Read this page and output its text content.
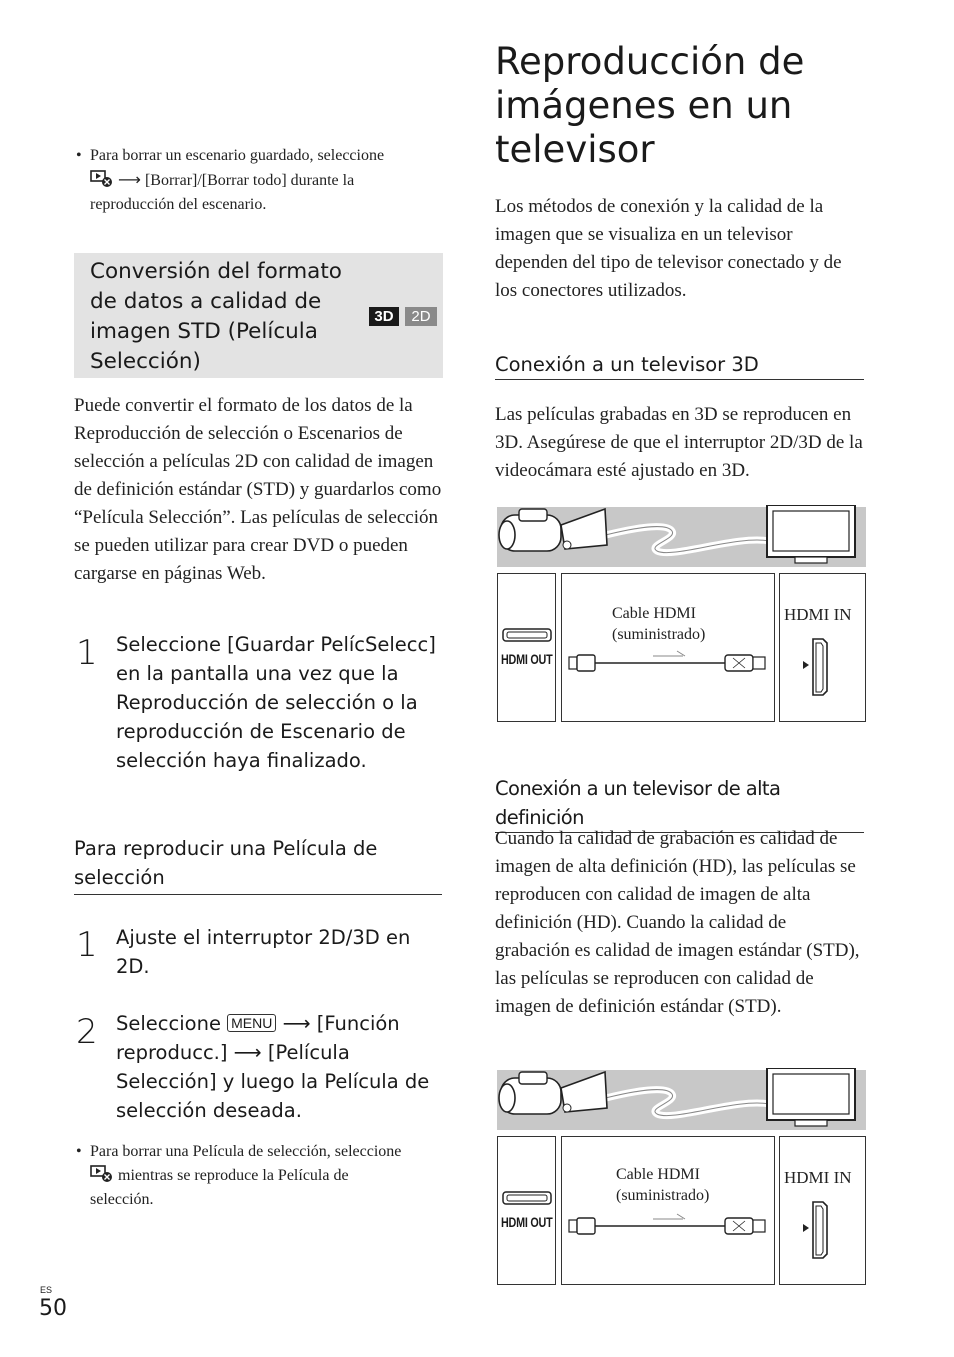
• Para borrar un escenario guardado, seleccione
⟶ [Borrar]/[Borrar todo] durante la
reproducción del escenario.
Conversión del formato de datos a calidad de imagen STD (Película Selección)
3D	2D
Puede convertir el formato de los datos de la Reproducción de selección o Escenarios de selección a películas 2D con calidad de imagen de definición estándar (STD) y guardarlos como “Película Selección”. Las películas de selección se pueden utilizar para crear DVD o pueden cargarse en páginas Web.
1 Seleccione [Guardar PelícSelecc] en la pantalla una vez que la Reproducción de selección o la reproducción de Escenario de selección haya finalizado.
Para reproducir una Película de selección
1 Ajuste el interruptor 2D/3D en 2D.
2 Seleccione MENU ⟶ [Función reproducc.] ⟶ [Película Selección] y luego la Película de selección deseada.
• Para borrar una Película de selección, seleccione
mientras se reproduce la Película de
selección.
ES
50
Reproducción de imágenes en un televisor
Los métodos de conexión y la calidad de la imagen que se visualiza en un televisor dependen del tipo de televisor conectado y de los conectores utilizados.
Conexión a un televisor 3D
Las películas grabadas en 3D se reproducen en 3D. Asegúrese de que el interruptor 2D/3D de la videocámara esté ajustado en 3D.
HDMI OUT
Cable HDMI
(suministrado)
HDMI IN
Conexión a un televisor de alta definición
Cuando la calidad de grabación es calidad de imagen de alta definición (HD), las películas se reproducen con calidad de imagen de alta definición (HD). Cuando la calidad de grabación es calidad de imagen estándar (STD), las películas se reproducen con calidad de imagen de definición estándar (STD).
HDMI OUT
Cable HDMI
(suministrado)
HDMI IN
